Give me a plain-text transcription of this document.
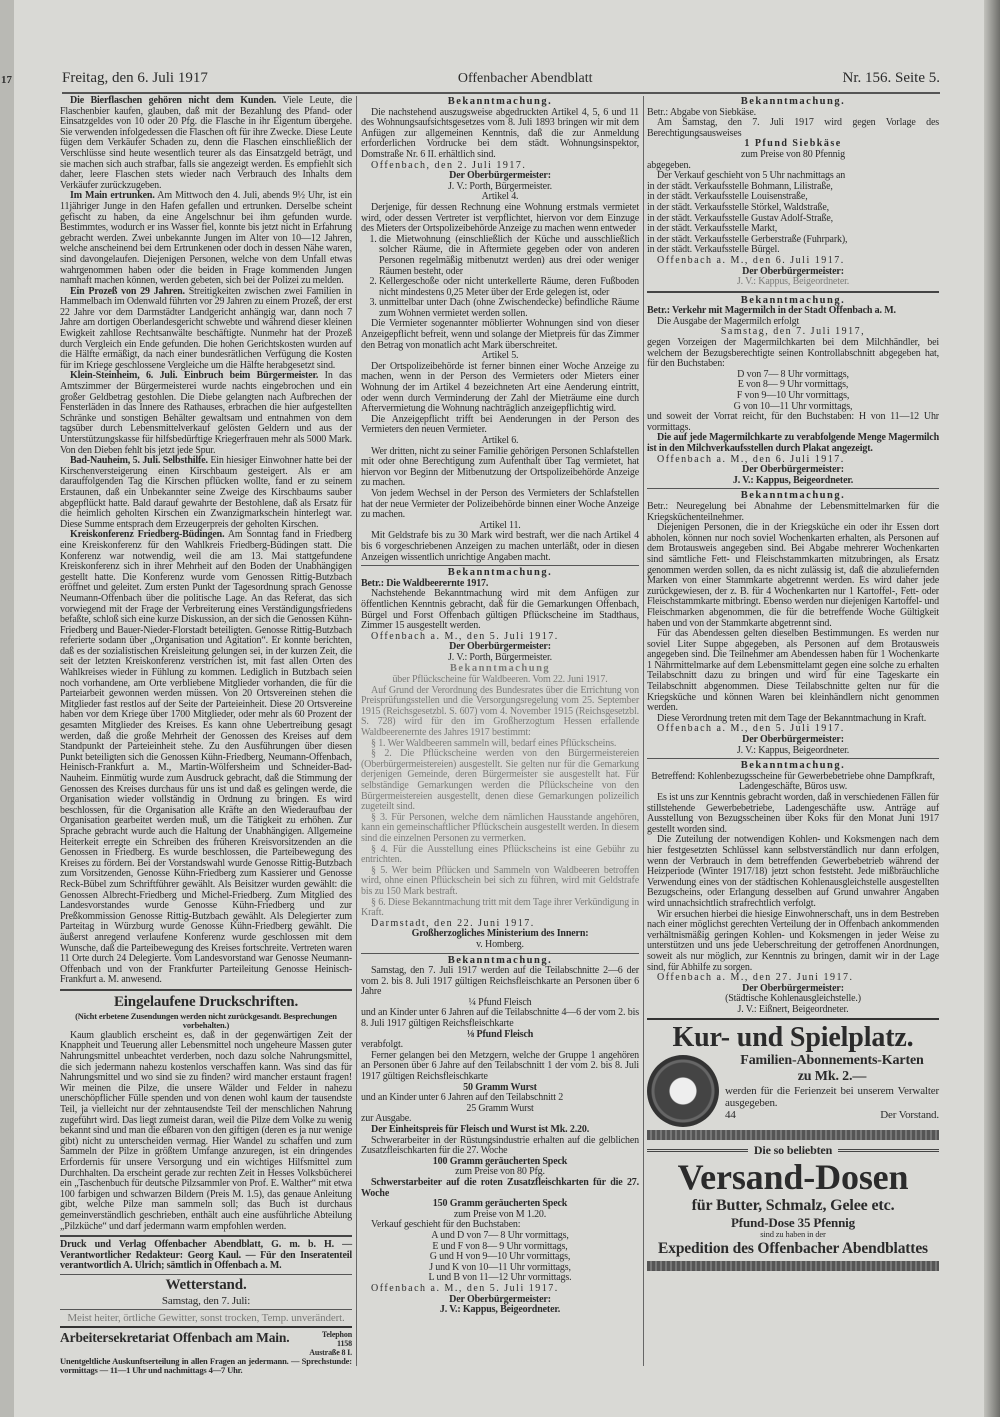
17	Freitag, den 6. Juli 1917	Offenbacher Abendblatt	Nr. 156. Seite 5.

Die Bierflaschen gehören nicht dem Kunden. Viele Leute, die Flaschenbier kaufen, glauben, daß mit der Bezahlung des Pfand- oder Einsatzgeldes von 10 oder 20 Pfg. die Flasche in ihr Eigentum übergehe. Sie verwenden infolgedessen die Flaschen oft für ihre Zwecke. Diese Leute fügen dem Verkäufer Schaden zu, denn die Flaschen einschließlich der Verschlüsse sind heute wesentlich teurer als das Einsatzgeld beträgt, und sie machen sich auch strafbar, falls sie angezeigt werden. Es empfiehlt sich daher, leere Flaschen stets wieder nach Verbrauch des Inhalts dem Verkäufer zurückzugeben.

Im Main ertrunken. Am Mittwoch den 4. Juli, abends 9½ Uhr, ist ein 11jähriger Junge in den Hafen gefallen und ertrunken. Derselbe scheint gefischt zu haben, da eine Angelschnur bei ihm gefunden wurde. Bestimmtes, wodurch er ins Wasser fiel, konnte bis jetzt nicht in Erfahrung gebracht werden. Zwei unbekannte Jungen im Alter von 10—12 Jahren, welche anscheinend bei dem Ertrunkenen oder doch in dessen Nähe waren, sind davongelaufen. Diejenigen Personen, welche von dem Unfall etwas wahrgenommen haben oder die beiden in Frage kommenden Jungen namhaft machen können, werden gebeten, sich bei der Polizei zu melden.

Ein Prozeß von 29 Jahren. Streitigkeiten zwischen zwei Familien in Hammelbach im Odenwald führten vor 29 Jahren zu einem Prozeß, der erst 22 Jahre vor dem Darmstädter Landgericht anhängig war, dann noch 7 Jahre am dortigen Oberlandesgericht schwebte und während dieser kleinen Ewigkeit zahllose Rechtsanwälte beschäftigte. Nunmehr hat der Prozeß durch Vergleich ein Ende gefunden. Die hohen Gerichtskosten wurden auf die Hälfte ermäßigt, da nach einer bundesrätlichen Verfügung die Kosten für im Kriege geschlossene Vergleiche um die Hälfte herabgesetzt sind.

Klein-Steinheim, 6. Juli. Einbruch beim Bürgermeister. In das Amtszimmer der Bürgermeisterei wurde nachts eingebrochen und ein großer Geldbetrag gestohlen. Die Diebe gelangten nach Aufbrechen der Fensterläden in das Innere des Rathauses, erbrachen die hier aufgestellten Schränke und sonstigen Behälter gewaltsam und entnahmen von dem tagsüber durch Lebensmittelverkauf gelösten Geldern und aus der Unterstützungskasse für hilfsbedürftige Kriegerfrauen mehr als 5000 Mark. Von den Dieben fehlt bis jetzt jede Spur.

Bad-Nauheim, 5. Juli. Selbsthilfe. Ein hiesiger Einwohner hatte bei der Kirschenversteigerung einen Kirschbaum gesteigert. Als er am darauffolgenden Tag die Kirschen pflücken wollte, fand er zu seinem Erstaunen, daß ein Unbekannter seine Zweige des Kirschbaums sauber abgepflückt hatte. Bald darauf gewahrte der Bestohlene, daß als Ersatz für die heimlich geholten Kirschen ein Zwanzigmarkschein hinterlegt war. Diese Summe entsprach dem Erzeugerpreis der geholten Kirschen.

Kreiskonferenz Friedberg-Büdingen. Am Sonntag fand in Friedberg eine Kreiskonferenz für den Wahlkreis Friedberg-Büdingen statt. Die Konferenz war notwendig, weil die am 13. Mai stattgefundene Kreiskonferenz sich in ihrer Mehrheit auf den Boden der Unabhängigen gestellt hatte. Die Konferenz wurde vom Genossen Rittig-Butzbach eröffnet und geleitet. Zum ersten Punkt der Tagesordnung sprach Genosse Neumann-Offenbach über die politische Lage. An das Referat, das sich vorwiegend mit der Frage der Verbreiterung eines Verständigungsfriedens befaßte, schloß sich eine kurze Diskussion, an der sich die Genossen Kühn-Friedberg und Bauer-Nieder-Florstadt beteiligten. Genosse Rittig-Butzbach referierte sodann über „Organisation und Agitation“. Er konnte berichten, daß es der sozialistischen Kreisleitung gelungen sei, in der kurzen Zeit, die seit der letzten Kreiskonferenz verstrichen ist, mit fast allen Orten des Wahlkreises wieder in Fühlung zu kommen. Lediglich in Butzbach seien noch vorhandene, am Orte verbliebene Mitglieder vorhanden, die für die Parteiarbeit gewonnen werden müssen. Von 20 Ortsvereinen stehen die Mitglieder fast restlos auf der Seite der Parteieinheit. Diese 20 Ortsvereine haben vor dem Kriege über 1700 Mitglieder, oder mehr als 60 Prozent der gesamten Mitglieder des Kreises. Es kann ohne Uebertreibung gesagt werden, daß die große Mehrheit der Genossen des Kreises auf dem Standpunkt der Parteieinheit stehe. Zu den Ausführungen über diesen Punkt beteiligten sich die Genossen Kühn-Friedberg, Neumann-Offenbach, Heinisch-Frankfurt a. M., Martin-Wölfersheim und Schneider-Bad-Nauheim. Einmütig wurde zum Ausdruck gebracht, daß die Stimmung der Genossen des Kreises durchaus für uns ist und daß es gelingen werde, die Organisation wieder vollständig in Ordnung zu bringen. Es wird beschlossen, für die Organisation alle Kräfte an den Wiederaufbau der Organisation gearbeitet werden muß, um die Tätigkeit zu erhöhen. Zur Sprache gebracht wurde auch die Haltung der Unabhängigen. Allgemeine Heiterkeit erregte ein Schreiben des früheren Kreisvorsitzenden an die Genossen in Friedberg. Es wurde beschlossen, die Parteibewegung des Kreises zu fördern. Bei der Vorstandswahl wurde Genosse Rittig-Butzbach zum Vorsitzenden, Genosse Kühn-Friedberg zum Kassierer und Genosse Reck-Bübel zum Schriftführer gewählt. Als Beisitzer wurden gewählt: die Genossen Albrecht-Friedberg und Michel-Friedberg. Zum Mitglied des Landesvorstandes wurde Genosse Kühn-Friedberg und zur Preßkommission Genosse Rittig-Butzbach gewählt. Als Delegierter zum Parteitag in Würzburg wurde Genosse Kühn-Friedberg gewählt. Die äußerst anregend verlaufene Konferenz wurde geschlossen mit dem Wunsche, daß die Parteibewegung des Kreises fortschreite. Vertreten waren 11 Orte durch 24 Delegierte. Vom Landesvorstand war Genosse Neumann-Offenbach und von der Frankfurter Parteileitung Genosse Heinisch-Frankfurt a. M. anwesend.

Eingelaufene Druckschriften.

(Nicht erbetene Zusendungen werden nicht zurückgesandt. Besprechungen vorbehalten.)

Kaum glaublich erscheint es, daß in der gegenwärtigen Zeit der Knappheit und Teuerung aller Lebensmittel noch ungeheure Massen guter Nahrungsmittel unbeachtet verderben, noch dazu solche Nahrungsmittel, die sich jedermann nahezu kostenlos verschaffen kann. Was sind das für Nahrungsmittel und wo sind sie zu finden? wird mancher erstaunt fragen! Wir meinen die Pilze, die unsere Wälder und Felder in nahezu unerschöpflicher Fülle spenden und von denen wohl kaum der tausendste Teil, ja vielleicht nur der zehntausendste Teil der menschlichen Nahrung zugeführt wird. Das liegt zumeist daran, weil die Pilze dem Volke zu wenig bekannt sind und man die eßbaren von den giftigen (deren es ja nur wenige gibt) nicht zu unterscheiden vermag. Hier Wandel zu schaffen und zum Sammeln der Pilze in größtem Umfange anzuregen, ist ein dringendes Erfordernis für unsere Versorgung und ein wichtiges Hilfsmittel zum Durchhalten. Da erscheint gerade zur rechten Zeit in Hesses Volksbücherei ein „Taschenbuch für deutsche Pilzsammler von Prof. E. Walther“ mit etwa 100 farbigen und schwarzen Bildern (Preis M. 1.5), das genaue Anleitung gibt, welche Pilze man sammeln soll; das Buch ist durchaus gemeinverständlich geschrieben, enthält auch eine ausführliche Abteilung „Pilzküche“ und darf jedermann warm empfohlen werden.

Druck und Verlag Offenbacher Abendblatt, G. m. b. H. — Verantwortlicher Redakteur: Georg Kaul. — Für den Inseratenteil verantwortlich A. Ulrich; sämtlich in Offenbach a. M.

Wetterstand.

Samstag, den 7. Juli:

Meist heiter, örtliche Gewitter, sonst trocken, Temp. unverändert.

Arbeitersekretariat Offenbach am Main.	Telephon 1158 Austraße 8 I.

Unentgeltliche Auskunftserteilung in allen Fragen an jedermann. — Sprechstunde: vormittags — 11—1 Uhr und nachmittags 4—7 Uhr.

Bekanntmachung.

Die nachstehend auszugsweise abgedruckten Artikel 4, 5, 6 und 11 des Wohnungsaufsichtsgesetzes vom 8. Juli 1893 bringen wir mit dem Anfügen zur allgemeinen Kenntnis, daß die zur Anmeldung erforderlichen Vordrucke bei dem städt. Wohnungsinspektor, Domstraße Nr. 6 II. erhältlich sind.

Offenbach, den 2. Juli 1917.

Der Oberbürgermeister:

J. V.: Porth, Bürgermeister.

Artikel 4.

Derjenige, für dessen Rechnung eine Wohnung erstmals vermietet wird, oder dessen Vertreter ist verpflichtet, hiervon vor dem Einzuge des Mieters der Ortspolizeibehörde Anzeige zu machen wenn entweder

1. die Mietwohnung (einschließlich der Küche und ausschließlich solcher Räume, die in Aftermiete gegeben oder von anderen Personen regelmäßig mitbenutzt werden) aus drei oder weniger Räumen besteht, oder
2. Kellergeschoße oder nicht unterkellerte Räume, deren Fußboden nicht mindestens 0,25 Meter über der Erde gelegen ist, oder
3. unmittelbar unter Dach (ohne Zwischendecke) befindliche Räume zum Wohnen vermietet werden sollen.

Die Vermieter sogenannter möblierter Wohnungen sind von dieser Anzeigepflicht befreit, wenn und solange der Mietpreis für das Zimmer den Betrag von monatlich acht Mark überschreitet.

Artikel 5.

Der Ortspolizeibehörde ist ferner binnen einer Woche Anzeige zu machen, wenn in der Person des Vermieters oder Mieters einer Wohnung der im Artikel 4 bezeichneten Art eine Aenderung eintritt, oder wenn durch Verminderung der Zahl der Mieträume eine durch Aftervermietung die Wohnung nachträglich anzeigepflichtig wird.

Die Anzeigepflicht trifft bei Aenderungen in der Person des Vermieters den neuen Vermieter.

Artikel 6.

Wer dritten, nicht zu seiner Familie gehörigen Personen Schlafstellen mit oder ohne Berechtigung zum Aufenthalt über Tag vermietet, hat hiervon vor Beginn der Mitbenutzung der Ortspolizeibehörde Anzeige zu machen.

Von jedem Wechsel in der Person des Vermieters der Schlafstellen hat der neue Vermieter der Polizeibehörde binnen einer Woche Anzeige zu machen.

Artikel 11.

Mit Geldstrafe bis zu 30 Mark wird bestraft, wer die nach Artikel 4 bis 6 vorgeschriebenen Anzeigen zu machen unterläßt, oder in diesen Anzeigen wissentlich unrichtige Angaben macht.

Bekanntmachung.

Betr.: Die Waldbeerernte 1917.

Nachstehende Bekanntmachung wird mit dem Anfügen zur öffentlichen Kenntnis gebracht, daß für die Gemarkungen Offenbach, Bürgel und Forst Offenbach gültigen Pflückscheine im Stadthaus, Zimmer 15 ausgestellt werden.

Offenbach a. M., den 5. Juli 1917.

Der Oberbürgermeister:

J. V.: Porth, Bürgermeister.

Bekanntmachung

über Pflückscheine für Waldbeeren. Vom 22. Juni 1917.

Auf Grund der Verordnung des Bundesrates über die Errichtung von Preisprüfungsstellen und die Versorgungsregelung vom 25. September 1915 (Reichsgesetzbl. S. 607) vom 4. November 1915 (Reichsgesetzbl. S. 728) wird für den im Großherzogtum Hessen erfallende Waldbeerenernte des Jahres 1917 bestimmt:

§ 1. Wer Waldbeeren sammeln will, bedarf eines Pflückscheins.

§ 2. Die Pflückscheine werden von den Bürgermeistereien (Oberbürgermeistereien) ausgestellt. Sie gelten nur für die Gemarkung derjenigen Gemeinde, deren Bürgermeister sie ausgestellt hat. Für selbständige Gemarkungen werden die Pflückscheine von den Bürgermeistereien ausgestellt, denen diese Gemarkungen polizeilich zugeteilt sind.

§ 3. Für Personen, welche dem nämlichen Hausstande angehören, kann ein gemeinschaftlicher Pflückschein ausgestellt werden. In diesem sind die einzelnen Personen zu vermerken.

§ 4. Für die Ausstellung eines Pflückscheins ist eine Gebühr zu entrichten.

§ 5. Wer beim Pflücken und Sammeln von Waldbeeren betroffen wird, ohne einen Pflückschein bei sich zu führen, wird mit Geldstrafe bis zu 150 Mark bestraft.

§ 6. Diese Bekanntmachung tritt mit dem Tage ihrer Verkündigung in Kraft.

Darmstadt, den 22. Juni 1917.

Großherzogliches Ministerium des Innern:

v. Homberg.

Bekanntmachung.

Samstag, den 7. Juli 1917 werden auf die Teilabschnitte 2—6 der vom 2. bis 8. Juli 1917 gültigen Reichsfleischkarte an Personen über 6 Jahre

¼ Pfund Fleisch

und an Kinder unter 6 Jahren auf die Teilabschnitte 4—6 der vom 2. bis 8. Juli 1917 gültigen Reichsfleischkarte

⅛ Pfund Fleisch

verabfolgt.

Ferner gelangen bei den Metzgern, welche der Gruppe 1 angehören an Personen über 6 Jahre auf den Teilabschnitt 1 der vom 2. bis 8. Juli 1917 gültigen Reichsfleischkarte

50 Gramm Wurst

und an Kinder unter 6 Jahren auf den Teilabschnitt 2

25 Gramm Wurst

zur Ausgabe.

Der Einheitspreis für Fleisch und Wurst ist Mk. 2.20.

Schwerarbeiter in der Rüstungsindustrie erhalten auf die gelblichen Zusatzfleischkarten für die 27. Woche

100 Gramm geräucherten Speck

zum Preise von 80 Pfg.

Schwerstarbeiter auf die roten Zusatzfleischkarten für die 27. Woche

150 Gramm geräucherten Speck

zum Preise von M 1.20.

Verkauf geschieht für den Buchstaben:

A und D von 7— 8 Uhr vormittags,

E und F von 8— 9 Uhr vormittags,

G und H von 9—10 Uhr vormittags,

J und K von 10—11 Uhr vormittags,

L und B von 11—12 Uhr vormittags.

Offenbach a. M., den 5. Juli 1917.

Der Oberbürgermeister:

J. V.: Kappus, Beigeordneter.

Bekanntmachung.

Betr.: Abgabe von Siebkäse.

Am Samstag, den 7. Juli 1917 wird gegen Vorlage des Berechtigungsausweises

1 Pfund Siebkäse

zum Preise von 80 Pfennig

abgegeben.

Der Verkauf geschieht von 5 Uhr nachmittags an

in der städt. Verkaufsstelle Bohmann, Lilistraße,

in der städt. Verkaufsstelle Louisenstraße,

in der städt. Verkaufsstelle Störkel, Waldstraße,

in der städt. Verkaufsstelle Gustav Adolf-Straße,

in der städt. Verkaufsstelle Markt,

in der städt. Verkaufsstelle Gerberstraße (Fuhrpark),

in der städt. Verkaufsstelle Bürgel.

Offenbach a. M., den 6. Juli 1917.

Der Oberbürgermeister:

J. V.: Kappus, Beigeordneter.

Bekanntmachung.

Betr.: Verkehr mit Magermilch in der Stadt Offenbach a. M.

Die Ausgabe der Magermilch erfolgt

Samstag, den 7. Juli 1917,

gegen Vorzeigen der Magermilchkarten bei dem Milchhändler, bei welchem der Bezugsberechtigte seinen Kontrollabschnitt abgegeben hat, für den Buchstaben:

D von 7— 8 Uhr vormittags,

E von 8— 9 Uhr vormittags,

F von 9—10 Uhr vormittags,

G von 10—11 Uhr vormittags,

und soweit der Vorrat reicht, für den Buchstaben: H von 11—12 Uhr vormittags.

Die auf jede Magermilchkarte zu verabfolgende Menge Magermilch ist in den Milchverkaufsstellen durch Plakat angezeigt.

Offenbach a. M., den 6. Juli 1917.

Der Oberbürgermeister:

J. V.: Kappus, Beigeordneter.

Bekanntmachung.

Betr.: Neuregelung bei Abnahme der Lebensmittelmarken für die Kriegsküchenteilnehmer.

Diejenigen Personen, die in der Kriegsküche ein oder ihr Essen dort abholen, können nur noch soviel Wochenkarten erhalten, als Personen auf dem Brotausweis angegeben sind. Bei Abgabe mehrerer Wochenkarten sind sämtliche Fett- und Fleischstammkarten mitzubringen, als Ersatz genommen werden sollen, da es nicht zulässig ist, daß die abzuliefernden Marken von einer Stammkarte abgetrennt werden. Es wird daher jede zurückgewiesen, der z. B. für 4 Wochenkarten nur 1 Kartoffel-, Fett- oder Fleischstammkarte mitbringt. Ebenso werden nur diejenigen Kartoffel- und Fleischmarken abgenommen, die für die betreffende Woche Gültigkeit haben und von der Stammkarte abgetrennt sind.

Für das Abendessen gelten dieselben Bestimmungen. Es werden nur soviel Liter Suppe abgegeben, als Personen auf dem Brotausweis angegeben sind. Die Teilnehmer am Abendessen haben für 1 Wochenkarte 1 Nährmittelmarke auf dem Lebensmittelamt gegen eine solche zu erhalten Teilabschnitt dazu zu bringen und wird für eine Tageskarte ein Teilabschnitt abgenommen. Diese Teilabschnitte gelten nur für die Kriegsküche und können Waren bei kleinhändlern nicht genommen werden.

Diese Verordnung treten mit dem Tage der Bekanntmachung in Kraft.

Offenbach a. M., den 5. Juli 1917.

Der Oberbürgermeister:

J. V.: Kappus, Beigeordneter.

Bekanntmachung.

Betreffend: Kohlenbezugsscheine für Gewerbebetriebe ohne Dampfkraft, Ladengeschäfte, Büros usw.

Es ist uns zur Kenntnis gebracht worden, daß in verschiedenen Fällen für stillstehende Gewerbebetriebe, Ladengeschäfte usw. Anträge auf Ausstellung von Bezugsscheinen über Koks für den Monat Juni 1917 gestellt worden sind.

Die Zuteilung der notwendigen Kohlen- und Koksmengen nach dem hier festgesetzten Schlüssel kann selbstverständlich nur dann erfolgen, wenn der Verbrauch in dem betreffenden Gewerbebetrieb während der Heizperiode (Winter 1917/18) jetzt schon feststeht. Jede mißbräuchliche Verwendung eines von der städtischen Kohlenausgleichstelle ausgestellten Bezugscheins, oder Erlangung desselben auf Grund unwahrer Angaben wird unnachsichtlich strafrechtlich verfolgt.

Wir ersuchen hierbei die hiesige Einwohnerschaft, uns in dem Bestreben nach einer möglichst gerechten Verteilung der in Offenbach ankommenden verhältnismäßig geringen Kohlen- und Koksmengen in jeder Weise zu unterstützen und uns jede Ueberschreitung der getroffenen Anordnungen, soweit als nur möglich, zur Kenntnis zu bringen, damit wir in der Lage sind, für Abhilfe zu sorgen.

Offenbach a. M., den 27. Juni 1917.

Der Oberbürgermeister:

(Städtische Kohlenausgleichstelle.)

J. V.: Eißnert, Beigeordneter.

Kur- und Spielplatz.
Familien-Abonnements-Karten
zu Mk. 2.—

werden für die Ferienzeit bei unserem Verwalter ausgegeben.

44	Der Vorstand.
Die so beliebten
Versand-Dosen
für Butter, Schmalz, Gelee etc.
Pfund-Dose 35 Pfennig

sind zu haben in der

Expedition des Offenbacher Abendblattes
